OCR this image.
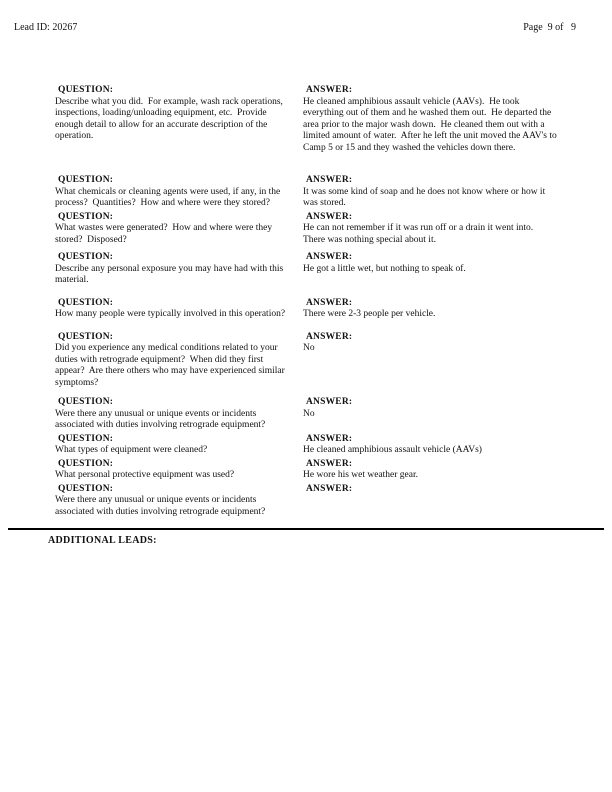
Lead ID: 20267	Page  9 of   9
QUESTION:
Describe what you did.  For example, wash rack operations, inspections, loading/unloading equipment, etc.  Provide enough detail to allow for an accurate description of the operation.
ANSWER:
He cleaned amphibious assault vehicle (AAVs).  He took everything out of them and he washed them out.  He departed the area prior to the major wash down.  He cleaned them out with a limited amount of water.  After he left the unit moved the AAV's to Camp 5 or 15 and they washed the vehicles down there.
QUESTION:
What chemicals or cleaning agents were used, if any, in the process?  Quantities?  How and where were they stored?
ANSWER:
It was some kind of soap and he does not know where or how it was stored.
QUESTION:
What wastes were generated?  How and where were they stored?  Disposed?
ANSWER:
He can not remember if it was run off or a drain it went into.  There was nothing special about it.
QUESTION:
Describe any personal exposure you may have had with this material.
ANSWER:
He got a little wet, but nothing to speak of.
QUESTION:
How many people were typically involved in this operation?
ANSWER:
There were 2-3 people per vehicle.
QUESTION:
Did you experience any medical conditions related to your duties with retrograde equipment?  When did they first appear?  Are there others who may have experienced similar symptoms?
ANSWER:
No
QUESTION:
Were there any unusual or unique events or incidents associated with duties involving retrograde equipment?
ANSWER:
No
QUESTION:
What types of equipment were cleaned?
ANSWER:
He cleaned amphibious assault vehicle (AAVs)
QUESTION:
What personal protective equipment was used?
ANSWER:
He wore his wet weather gear.
QUESTION:
Were there any unusual or unique events or incidents associated with duties involving retrograde equipment?
ANSWER:
ADDITIONAL LEADS:
